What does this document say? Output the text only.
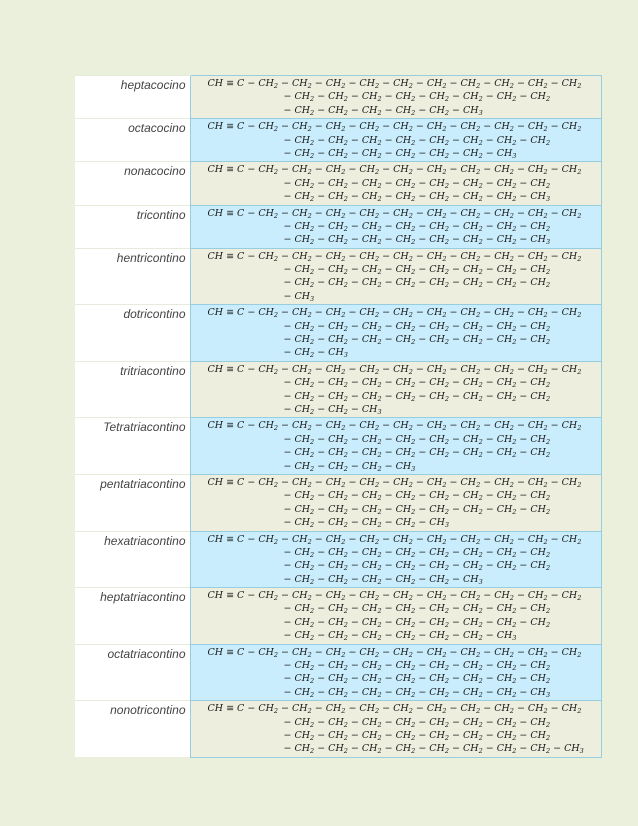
heptacocino	CH ≡ $C - CH_2 - CH_2 - CH_2 - CH_2 - CH_2 - CH_2 - CH_2 - CH_2 - CH_2 - CH_2$
− $CH_2 - CH_2 - CH_2 - CH_2 - CH_2 - CH_2 - CH_2 - CH_2$
− $CH_2 - CH_2 - CH_2 - CH_2 - CH_2 - CH_3$

octacocino	CH ≡ $C - CH_2 - CH_2 - CH_2 - CH_2 - CH_2 - CH_2 - CH_2 - CH_2 - CH_2 - CH_2$
− $CH_2 - CH_2 - CH_2 - CH_2 - CH_2 - CH_2 - CH_2 - CH_2$
− $CH_2 - CH_2 - CH_2 - CH_2 - CH_2 - CH_2 - CH_3$

nonacocino	CH ≡ $C - CH_2 - CH_2 - CH_2 - CH_2 - CH_2 - CH_2 - CH_2 - CH_2 - CH_2 - CH_2$
− $CH_2 - CH_2 - CH_2 - CH_2 - CH_2 - CH_2 - CH_2 - CH_2$
− $CH_2 - CH_2 - CH_2 - CH_2 - CH_2 - CH_2 - CH_2 - CH_3$

tricontino	CH ≡ $C - CH_2 - CH_2 - CH_2 - CH_2 - CH_2 - CH_2 - CH_2 - CH_2 - CH_2 - CH_2$
− $CH_2 - CH_2 - CH_2 - CH_2 - CH_2 - CH_2 - CH_2 - CH_2$
− $CH_2 - CH_2 - CH_2 - CH_2 - CH_2 - CH_2 - CH_2 - CH_3$

hentricontino	CH ≡ $C - CH_2 - CH_2 - CH_2 - CH_2 - CH_2 - CH_2 - CH_2 - CH_2 - CH_2 - CH_2$
− $CH_2 - CH_2 - CH_2 - CH_2 - CH_2 - CH_2 - CH_2 - CH_2$
− $CH_2 - CH_2 - CH_2 - CH_2 - CH_2 - CH_2 - CH_2 - CH_2$
− $CH_3$

dotricontino	CH ≡ $C - CH_2 - CH_2 - CH_2 - CH_2 - CH_2 - CH_2 - CH_2 - CH_2 - CH_2 - CH_2$
− $CH_2 - CH_2 - CH_2 - CH_2 - CH_2 - CH_2 - CH_2 - CH_2$
− $CH_2 - CH_2 - CH_2 - CH_2 - CH_2 - CH_2 - CH_2 - CH_2$
− $CH_2 - CH_3$

tritriacontino	CH ≡ $C - CH_2 - CH_2 - CH_2 - CH_2 - CH_2 - CH_2 - CH_2 - CH_2 - CH_2 - CH_2$
− $CH_2 - CH_2 - CH_2 - CH_2 - CH_2 - CH_2 - CH_2 - CH_2$
− $CH_2 - CH_2 - CH_2 - CH_2 - CH_2 - CH_2 - CH_2 - CH_2$
− $CH_2 - CH_2 - CH_3$

Tetratriacontino	CH ≡ $C - CH_2 - CH_2 - CH_2 - CH_2 - CH_2 - CH_2 - CH_2 - CH_2 - CH_2 - CH_2$
− $CH_2 - CH_2 - CH_2 - CH_2 - CH_2 - CH_2 - CH_2 - CH_2$
− $CH_2 - CH_2 - CH_2 - CH_2 - CH_2 - CH_2 - CH_2 - CH_2$
− $CH_2 - CH_2 - CH_2 - CH_3$

pentatriacontino	CH ≡ $C - CH_2 - CH_2 - CH_2 - CH_2 - CH_2 - CH_2 - CH_2 - CH_2 - CH_2 - CH_2$
− $CH_2 - CH_2 - CH_2 - CH_2 - CH_2 - CH_2 - CH_2 - CH_2$
− $CH_2 - CH_2 - CH_2 - CH_2 - CH_2 - CH_2 - CH_2 - CH_2$
− $CH_2 - CH_2 - CH_2 - CH_2 - CH_3$

hexatriacontino	CH ≡ $C - CH_2 - CH_2 - CH_2 - CH_2 - CH_2 - CH_2 - CH_2 - CH_2 - CH_2 - CH_2$
− $CH_2 - CH_2 - CH_2 - CH_2 - CH_2 - CH_2 - CH_2 - CH_2$
− $CH_2 - CH_2 - CH_2 - CH_2 - CH_2 - CH_2 - CH_2 - CH_2$
− $CH_2 - CH_2 - CH_2 - CH_2 - CH_2 - CH_3$

heptatriacontino	CH ≡ $C - CH_2 - CH_2 - CH_2 - CH_2 - CH_2 - CH_2 - CH_2 - CH_2 - CH_2 - CH_2$
− $CH_2 - CH_2 - CH_2 - CH_2 - CH_2 - CH_2 - CH_2 - CH_2$
− $CH_2 - CH_2 - CH_2 - CH_2 - CH_2 - CH_2 - CH_2 - CH_2$
− $CH_2 - CH_2 - CH_2 - CH_2 - CH_2 - CH_2 - CH_3$

octatriacontino	CH ≡ $C - CH_2 - CH_2 - CH_2 - CH_2 - CH_2 - CH_2 - CH_2 - CH_2 - CH_2 - CH_2$
− $CH_2 - CH_2 - CH_2 - CH_2 - CH_2 - CH_2 - CH_2 - CH_2$
− $CH_2 - CH_2 - CH_2 - CH_2 - CH_2 - CH_2 - CH_2 - CH_2$
− $CH_2 - CH_2 - CH_2 - CH_2 - CH_2 - CH_2 - CH_2 - CH_3$

nonotricontino	CH ≡ $C - CH_2 - CH_2 - CH_2 - CH_2 - CH_2 - CH_2 - CH_2 - CH_2 - CH_2 - CH_2$
− $CH_2 - CH_2 - CH_2 - CH_2 - CH_2 - CH_2 - CH_2 - CH_2$
− $CH_2 - CH_2 - CH_2 - CH_2 - CH_2 - CH_2 - CH_2 - CH_2$
− $CH_2 - CH_2 - CH_2 - CH_2 - CH_2 - CH_2 - CH_2 - CH_2 - CH_3$
